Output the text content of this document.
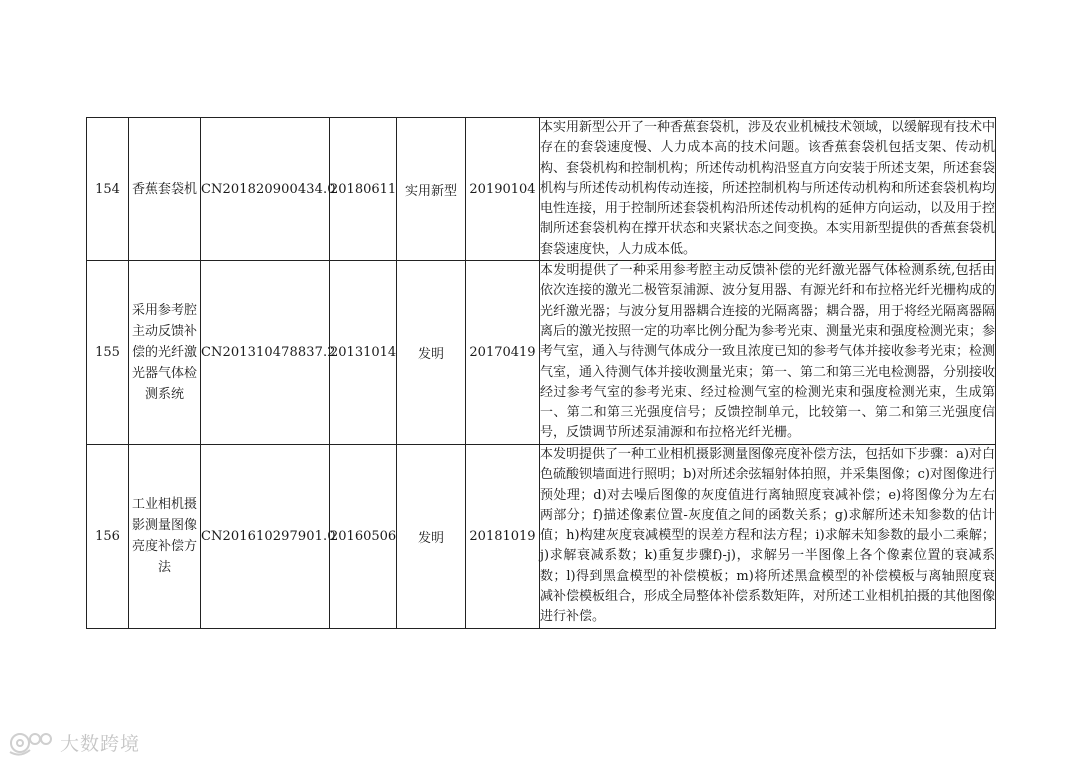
154	香蕉套袋机	CN201820900434.0	20180611	实用新型	20190104	本实用新型公开了一种香蕉套袋机，涉及农业机械技术领域，以缓解现有技术中存在的套袋速度慢、人力成本高的技术问题。该香蕉套袋机包括支架、传动机构、套袋机构和控制机构；所述传动机构沿竖直方向安装于所述支架，所述套袋机构与所述传动机构传动连接，所述控制机构与所述传动机构和所述套袋机构均电性连接，用于控制所述套袋机构沿所述传动机构的延伸方向运动，以及用于控制所述套袋机构在撑开状态和夹紧状态之间变换。本实用新型提供的香蕉套袋机套袋速度快，人力成本低。
155	采用参考腔主动反馈补偿的光纤激光器气体检测系统	CN201310478837.2	20131014	发明	20170419	本发明提供了一种采用参考腔主动反馈补偿的光纤激光器气体检测系统,包括由依次连接的激光二极管泵浦源、波分复用器、有源光纤和布拉格光纤光栅构成的光纤激光器；与波分复用器耦合连接的光隔离器；耦合器，用于将经光隔离器隔离后的激光按照一定的功率比例分配为参考光束、测量光束和强度检测光束；参考气室，通入与待测气体成分一致且浓度已知的参考气体并接收参考光束；检测气室，通入待测气体并接收测量光束；第一、第二和第三光电检测器，分别接收经过参考气室的参考光束、经过检测气室的检测光束和强度检测光束，生成第一、第二和第三光强度信号；反馈控制单元，比较第一、第二和第三光强度信号，反馈调节所述泵浦源和布拉格光纤光栅。
156	工业相机摄影测量图像亮度补偿方法	CN201610297901.0	20160506	发明	20181019	本发明提供了一种工业相机摄影测量图像亮度补偿方法，包括如下步骤：a)对白色硫酸钡墙面进行照明；b)对所述余弦辐射体拍照，并采集图像；c)对图像进行预处理；d)对去噪后图像的灰度值进行离轴照度衰减补偿；e)将图像分为左右两部分；f)描述像素位置-灰度值之间的函数关系；g)求解所述未知参数的估计值；h)构建灰度衰减模型的误差方程和法方程；i)求解未知参数的最小二乘解；j)求解衰减系数；k)重复步骤f)-j)，求解另一半图像上各个像素位置的衰减系数；l)得到黑盒模型的补偿模板；m)将所述黑盒模型的补偿模板与离轴照度衰减补偿模板组合，形成全局整体补偿系数矩阵，对所述工业相机拍摄的其他图像进行补偿。
大数跨境
